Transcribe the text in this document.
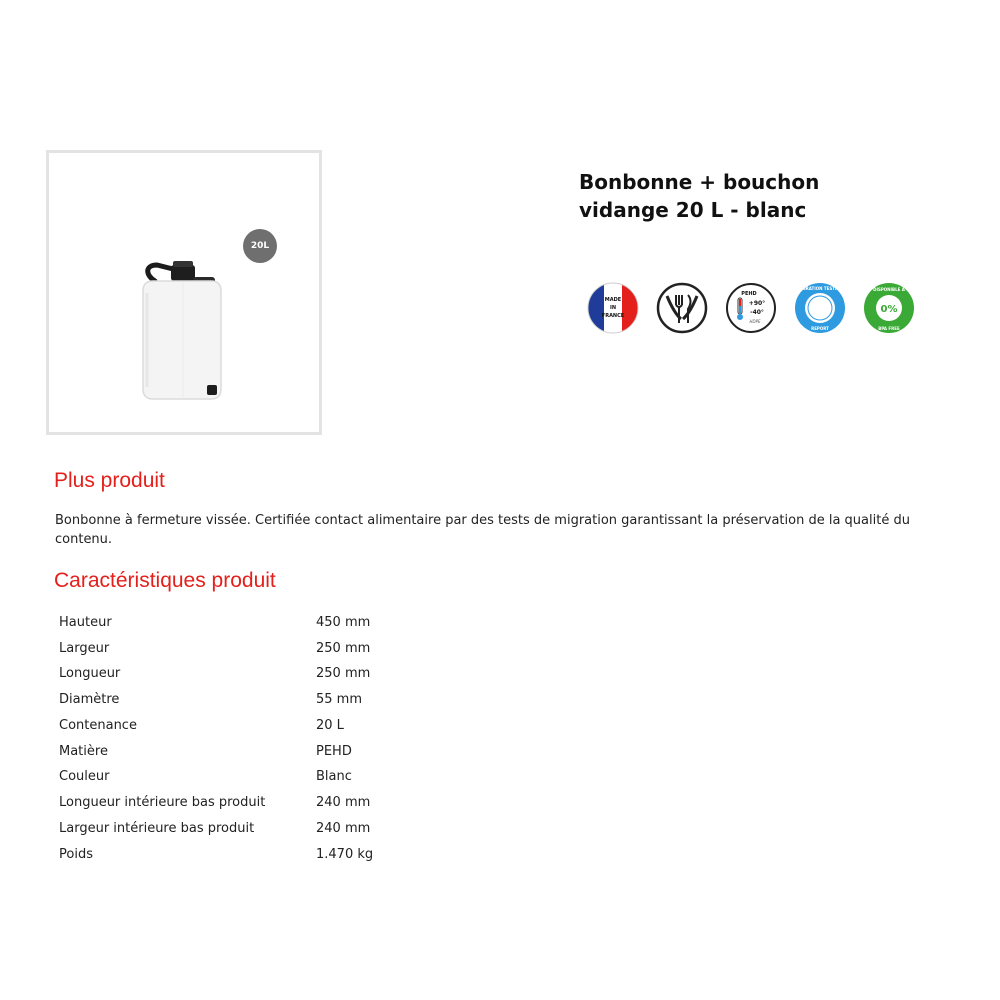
20L
Bonbonne + bouchon
vidange 20 L - blanc
MADE
IN
FRANCE
PEHD
+90°
-40°
HDPE
MIGRATION TESTING
REPORT
DISPONIBLE A
0%
BPA FREE
Plus produit
Bonbonne à fermeture vissée. Certifiée contact alimentaire par des tests de migration garantissant la préservation de la qualité du contenu.
Caractéristiques produit
Hauteur	450 mm
Largeur	250 mm
Longueur	250 mm
Diamètre	55 mm
Contenance	20 L
Matière	PEHD
Couleur	Blanc
Longueur intérieure bas produit	240 mm
Largeur intérieure bas produit	240 mm
Poids	1.470 kg
